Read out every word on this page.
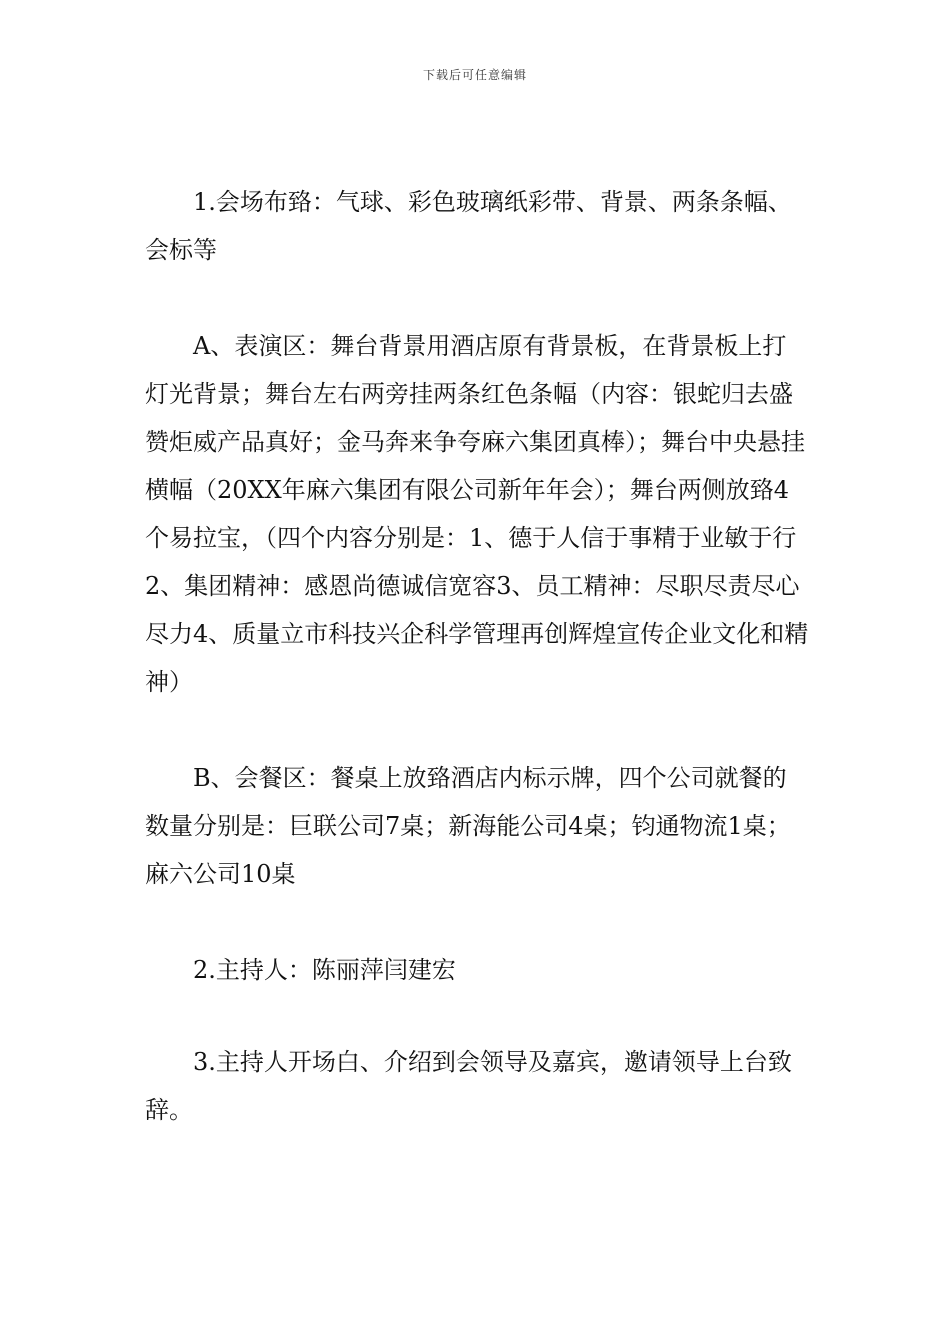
下载后可任意编辑

1.会场布臵：气球、彩色玻璃纸彩带、背景、两条条幅、会标等

A、表演区：舞台背景用酒店原有背景板，在背景板上打灯光背景；舞台左右两旁挂两条红色条幅（内容：银蛇归去盛赞炬威产品真好；金马奔来争夸麻六集团真棒）；舞台中央悬挂横幅（20XX年麻六集团有限公司新年年会）；舞台两侧放臵4个易拉宝，（四个内容分别是：1、德于人信于事精于业敏于行2、集团精神：感恩尚德诚信宽容3、员工精神：尽职尽责尽心尽力4、质量立市科技兴企科学管理再创辉煌宣传企业文化和精神）

B、会餐区：餐桌上放臵酒店内标示牌，四个公司就餐的数量分别是：巨联公司7桌；新海能公司4桌；钧通物流1桌；麻六公司10桌

2.主持人：陈丽萍闫建宏

3.主持人开场白、介绍到会领导及嘉宾，邀请领导上台致辞。
